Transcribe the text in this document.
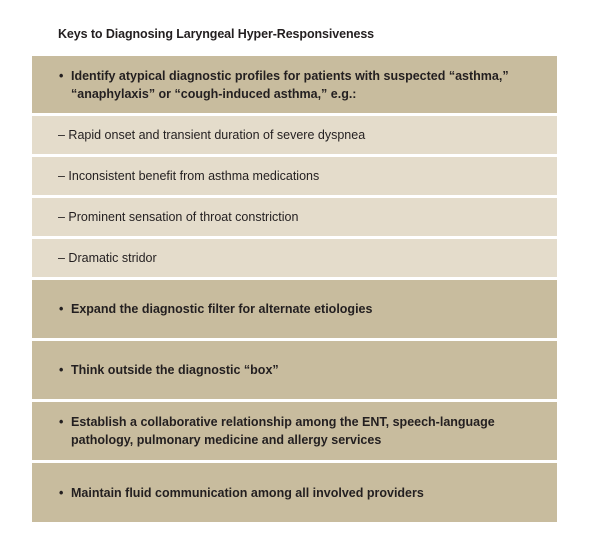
Keys to Diagnosing Laryngeal Hyper-Responsiveness
• Identify atypical diagnostic profiles for patients with suspected “asthma,” “anaphylaxis” or “cough-induced asthma,” e.g.:
– Rapid onset and transient duration of severe dyspnea
– Inconsistent benefit from asthma medications
– Prominent sensation of throat constriction
– Dramatic stridor
• Expand the diagnostic filter for alternate etiologies
• Think outside the diagnostic “box”
• Establish a collaborative relationship among the ENT, speech-language pathology, pulmonary medicine and allergy services
• Maintain fluid communication among all involved providers
